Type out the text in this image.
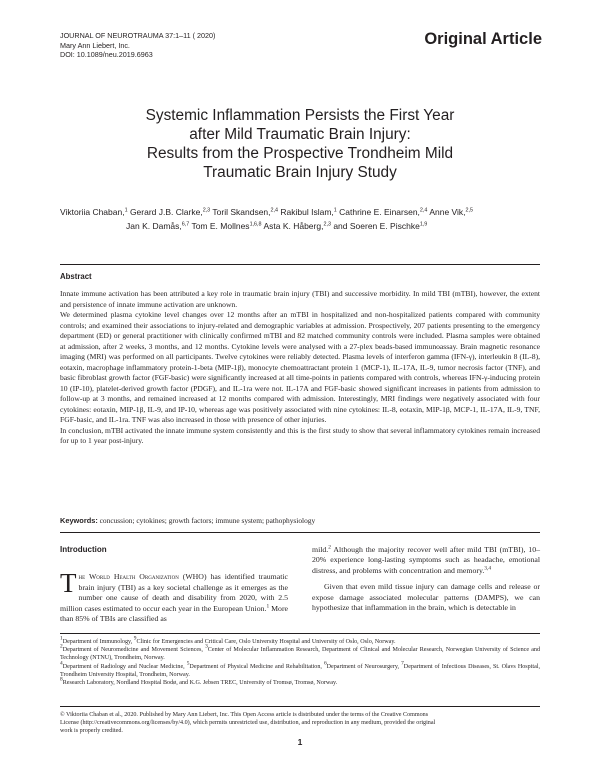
JOURNAL OF NEUROTRAUMA 37:1–11 ( 2020)
Mary Ann Liebert, Inc.
DOI: 10.1089/neu.2019.6963
Original Article
Systemic Inflammation Persists the First Year
after Mild Traumatic Brain Injury:
Results from the Prospective Trondheim Mild
Traumatic Brain Injury Study
Viktoriia Chaban,$^1$ Gerard J.B. Clarke,$^{2,3}$ Toril Skandsen,$^{2,4}$ Rakibul Islam,$^1$ Cathrine E. Einarsen,$^{2,4}$ Anne Vik,$^{2,5}$
Jan K. Damås,$^{6,7}$ Tom E. Mollnes$^{1,6,8}$ Asta K. Håberg,$^{2,3}$ and Soeren E. Pischke$^{1,9}$
Abstract

Innate immune activation has been attributed a key role in traumatic brain injury (TBI) and successive morbidity. In mild TBI (mTBI), however, the extent and persistence of innate immune activation are unknown.

We determined plasma cytokine level changes over 12 months after an mTBI in hospitalized and non-hospitalized patients compared with community controls; and examined their associations to injury-related and demographic variables at admission. Prospectively, 207 patients presenting to the emergency department (ED) or general practitioner with clinically confirmed mTBI and 82 matched community controls were included. Plasma samples were obtained at admission, after 2 weeks, 3 months, and 12 months. Cytokine levels were analysed with a 27-plex beads-based immunoassay. Brain magnetic resonance imaging (MRI) was performed on all participants. Twelve cytokines were reliably detected. Plasma levels of interferon gamma (IFN-γ), interleukin 8 (IL-8), eotaxin, macrophage inflammatory protein-1-beta (MIP-1β), monocyte chemoattractant protein 1 (MCP-1), IL-17A, IL-9, tumor necrosis factor (TNF), and basic fibroblast growth factor (FGF-basic) were significantly increased at all time-points in patients compared with controls, whereas IFN-γ-inducing protein 10 (IP-10), platelet-derived growth factor (PDGF), and IL-1ra were not. IL-17A and FGF-basic showed significant increases in patients from admission to follow-up at 3 months, and remained increased at 12 months compared with admission. Interestingly, MRI findings were negatively associated with four cytokines: eotaxin, MIP-1β, IL-9, and IP-10, whereas age was positively associated with nine cytokines: IL-8, eotaxin, MIP-1β, MCP-1, IL-17A, IL-9, TNF, FGF-basic, and IL-1ra. TNF was also increased in those with presence of other injuries.

In conclusion, mTBI activated the innate immune system consistently and this is the first study to show that several inflammatory cytokines remain increased for up to 1 year post-injury.

Keywords: concussion; cytokines; growth factors; immune system; pathophysiology
Introduction

The World Health Organization (WHO) has identified traumatic brain injury (TBI) as a key societal challenge as it emerges as the number one cause of death and disability from 2020, with 2.5 million cases estimated to occur each year in the European Union.$^1$ More than 85% of TBIs are classified as

mild.$^2$ Although the majority recover well after mild TBI (mTBI), 10–20% experience long-lasting symptoms such as headache, emotional distress, and problems with concentration and memory.$^{3,4}$

Given that even mild tissue injury can damage cells and release or expose damage associated molecular patterns (DAMPS), we can hypothesize that inflammation in the brain, which is detectable in

$^1$Department of Immunology, $^9$Clinic for Emergencies and Critical Care, Oslo University Hospital and University of Oslo, Oslo, Norway.

$^2$Department of Neuromedicine and Movement Sciences, $^3$Center of Molecular Inflammation Research, Department of Clinical and Molecular Research, Norwegian University of Science and Technology (NTNU), Trondheim, Norway.

$^4$Department of Radiology and Nuclear Medicine, $^5$Department of Physical Medicine and Rehabilitation, $^6$Department of Neurosurgery, $^7$Department of Infectious Diseases, St. Olavs Hospital, Trondheim University Hospital, Trondheim, Norway.

$^8$Research Laboratory, Nordland Hospital Bodø, and K.G. Jebsen TREC, University of Tromsø, Tromsø, Norway.

© Viktoriia Chaban et al., 2020. Published by Mary Ann Liebert, Inc. This Open Access article is distributed under the terms of the Creative Commons
License (http://creativecommons.org/licenses/by/4.0), which permits unrestricted use, distribution, and reproduction in any medium, provided the original
work is properly credited.
1
